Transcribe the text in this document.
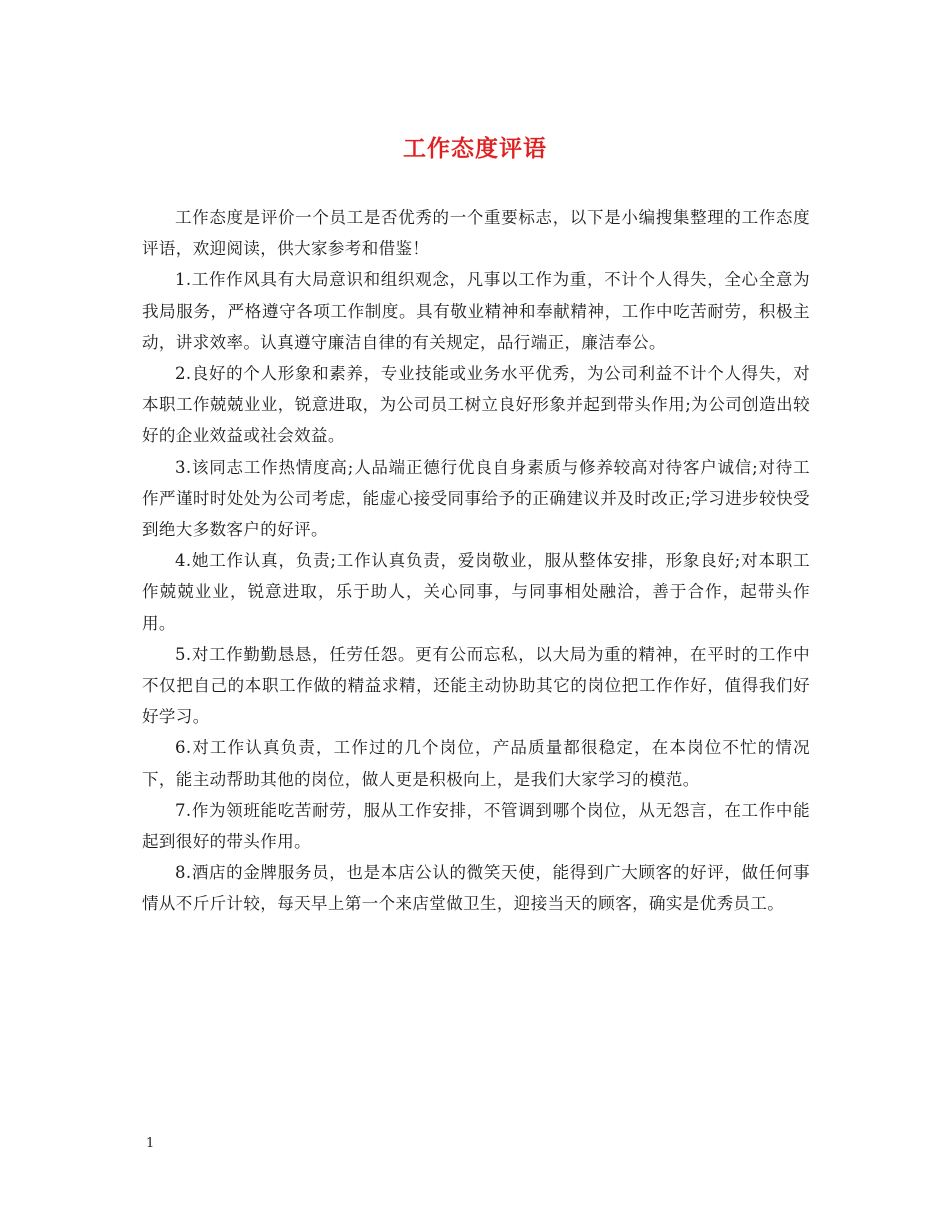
工作态度评语

工作态度是评价一个员工是否优秀的一个重要标志，以下是小编搜集整理的工作态度评语，欢迎阅读，供大家参考和借鉴！

1.工作作风具有大局意识和组织观念，凡事以工作为重，不计个人得失，全心全意为我局服务，严格遵守各项工作制度。具有敬业精神和奉献精神，工作中吃苦耐劳，积极主动，讲求效率。认真遵守廉洁自律的有关规定，品行端正，廉洁奉公。

2.良好的个人形象和素养，专业技能或业务水平优秀，为公司利益不计个人得失，对本职工作兢兢业业，锐意进取，为公司员工树立良好形象并起到带头作用;为公司创造出较好的企业效益或社会效益。

3.该同志工作热情度高;人品端正德行优良自身素质与修养较高对待客户诚信;对待工作严谨时时处处为公司考虑，能虚心接受同事给予的正确建议并及时改正;学习进步较快受到绝大多数客户的好评。

4.她工作认真，负责;工作认真负责，爱岗敬业，服从整体安排，形象良好;对本职工作兢兢业业，锐意进取，乐于助人，关心同事，与同事相处融洽，善于合作，起带头作用。

5.对工作勤勤恳恳，任劳任怨。更有公而忘私，以大局为重的精神，在平时的工作中不仅把自己的本职工作做的精益求精，还能主动协助其它的岗位把工作作好，值得我们好好学习。

6.对工作认真负责，工作过的几个岗位，产品质量都很稳定，在本岗位不忙的情况下，能主动帮助其他的岗位，做人更是积极向上，是我们大家学习的模范。

7.作为领班能吃苦耐劳，服从工作安排，不管调到哪个岗位，从无怨言，在工作中能起到很好的带头作用。

8.酒店的金牌服务员，也是本店公认的微笑天使，能得到广大顾客的好评，做任何事情从不斤斤计较，每天早上第一个来店堂做卫生，迎接当天的顾客，确实是优秀员工。

1
